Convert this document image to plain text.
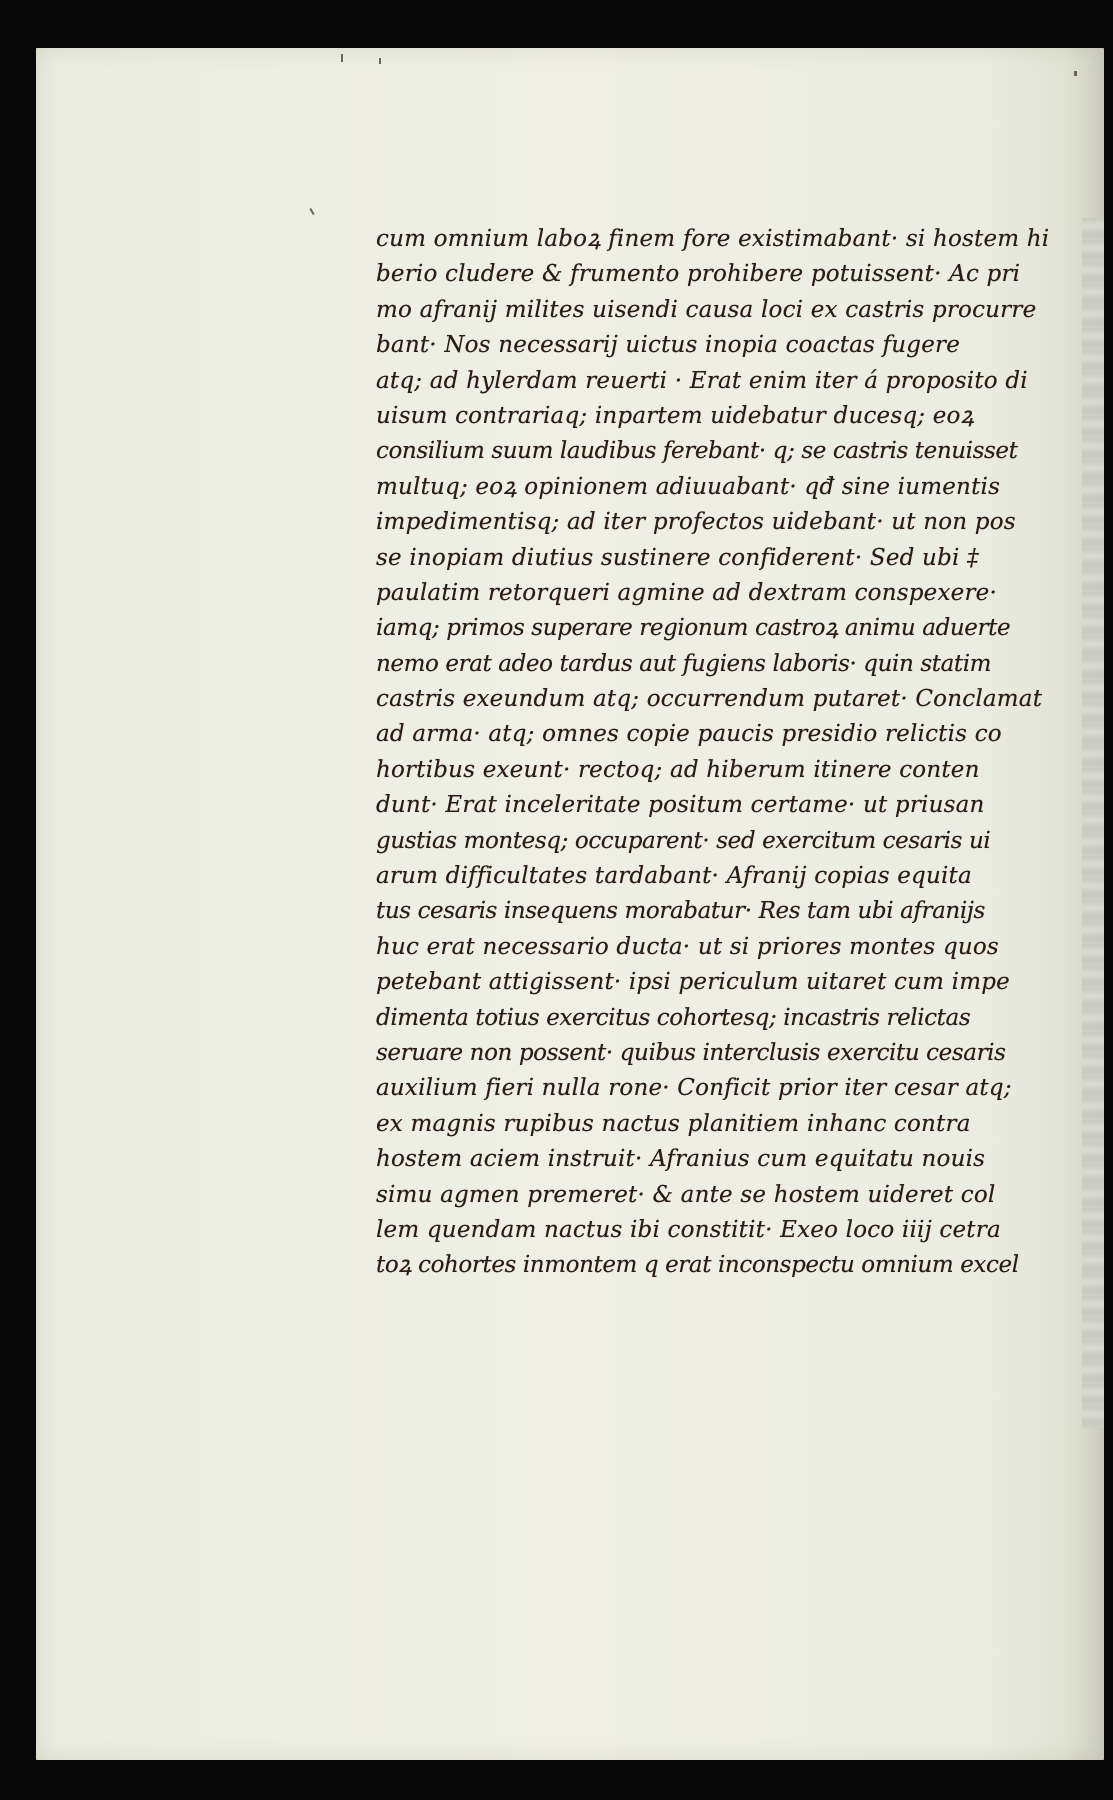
cum omnium laboꝝ finem fore existimabant· si hostem hi
berio cludere & frumento prohibere potuissent· Ac pri
mo afranij milites uisendi causa loci ex castris procurre
bant· Nos necessarij uictus inopia coactas fugere
atq; ad hylerdam reuerti · Erat enim iter á proposito di
uisum contrariaq; inpartem uidebatur ducesq; eoꝝ
consilium suum laudibus ferebant· q; se castris tenuisset
multuq; eoꝝ opinionem adiuuabant· qđ sine iumentis
impedimentisq; ad iter profectos uidebant· ut non pos
se inopiam diutius sustinere confiderent· Sed ubi ‡
paulatim retorqueri agmine ad dextram conspexere·
iamq; primos superare regionum castroꝝ animu aduerte
nemo erat adeo tardus aut fugiens laboris· quin statim
castris exeundum atq; occurrendum putaret· Conclamat
ad arma· atq; omnes copie paucis presidio relictis co
hortibus exeunt· rectoq; ad hiberum itinere conten
dunt· Erat inceleritate positum certame· ut priusan
gustias montesq; occuparent· sed exercitum cesaris ui
arum difficultates tardabant· Afranij copias equita
tus cesaris insequens morabatur· Res tam ubi afranijs
huc erat necessario ducta· ut si priores montes quos
petebant attigissent· ipsi periculum uitaret cum impe
dimenta totius exercitus cohortesq; incastris relictas
seruare non possent· quibus interclusis exercitu cesaris
auxilium fieri nulla rone· Conficit prior iter cesar atq;
ex magnis rupibus nactus planitiem inhanc contra
hostem aciem instruit· Afranius cum equitatu nouis
simu agmen premeret· & ante se hostem uideret col
lem quendam nactus ibi constitit· Exeo loco iiij cetra
toꝝ cohortes inmontem q erat inconspectu omnium excel
